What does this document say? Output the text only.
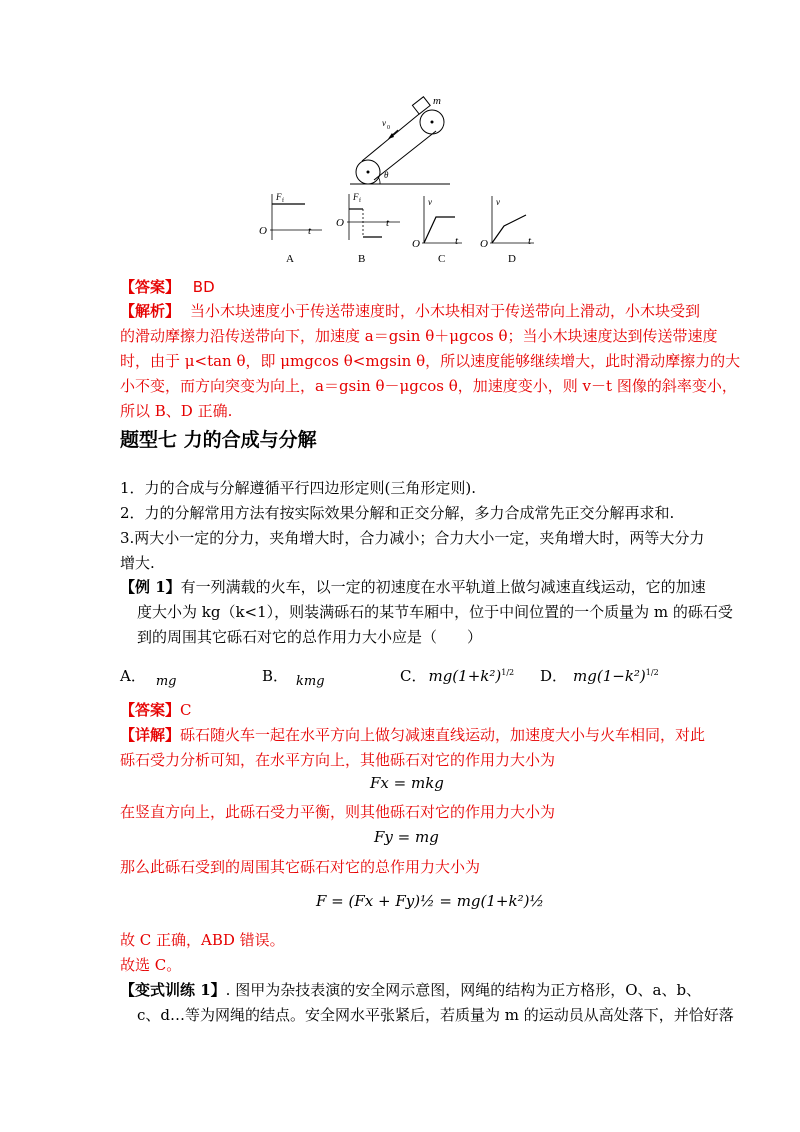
m
v 0
θ
F f
O	t
A
F f
O	t
B
v
O	t
C
v
O	t
D
【答案】 BD
【解析】 当小木块速度小于传送带速度时，小木块相对于传送带向上滑动，小木块受到
的滑动摩擦力沿传送带向下，加速度 a＝gsin θ＋μgcos θ；当小木块速度达到传送带速度
时，由于 μ<tan θ，即 μmgcos θ<mgsin θ，所以速度能够继续增大，此时滑动摩擦力的大
小不变，而方向突变为向上，a＝gsin θ－μgcos θ，加速度变小，则 v－t 图像的斜率变小，
所以 B、D 正确.
题型七 力的合成与分解
1．力的合成与分解遵循平行四边形定则(三角形定则).
2．力的分解常用方法有按实际效果分解和正交分解，多力合成常先正交分解再求和.
3.两大小一定的分力，夹角增大时，合力减小；合力大小一定，夹角增大时，两等大分力
增大.
【例 1】有一列满载的火车，以一定的初速度在水平轨道上做匀减速直线运动，它的加速
度大小为 kg（k<1），则装满砾石的某节车厢中，位于中间位置的一个质量为 m 的砾石受
到的周围其它砾石对它的总作用力大小应是（　　）
A． mg	B． kmg	C． $mg(1+k^2)^{1/2}$ D． $mg(1-k^2)^{1/2}$
【答案】C
【详解】砾石随火车一起在水平方向上做匀减速直线运动，加速度大小与火车相同，对此
砾石受力分析可知，在水平方向上，其他砾石对它的作用力大小为
Fx = mkg
在竖直方向上，此砾石受力平衡，则其他砾石对它的作用力大小为
Fy = mg
那么此砾石受到的周围其它砾石对它的总作用力大小为
F = (Fx + Fy)½ = mg(1+k²)½
故 C 正确，ABD 错误。
故选 C。
【变式训练 1】. 图甲为杂技表演的安全网示意图，网绳的结构为正方格形，O、a、b、
c、d…等为网绳的结点。安全网水平张紧后，若质量为 m 的运动员从高处落下，并恰好落
